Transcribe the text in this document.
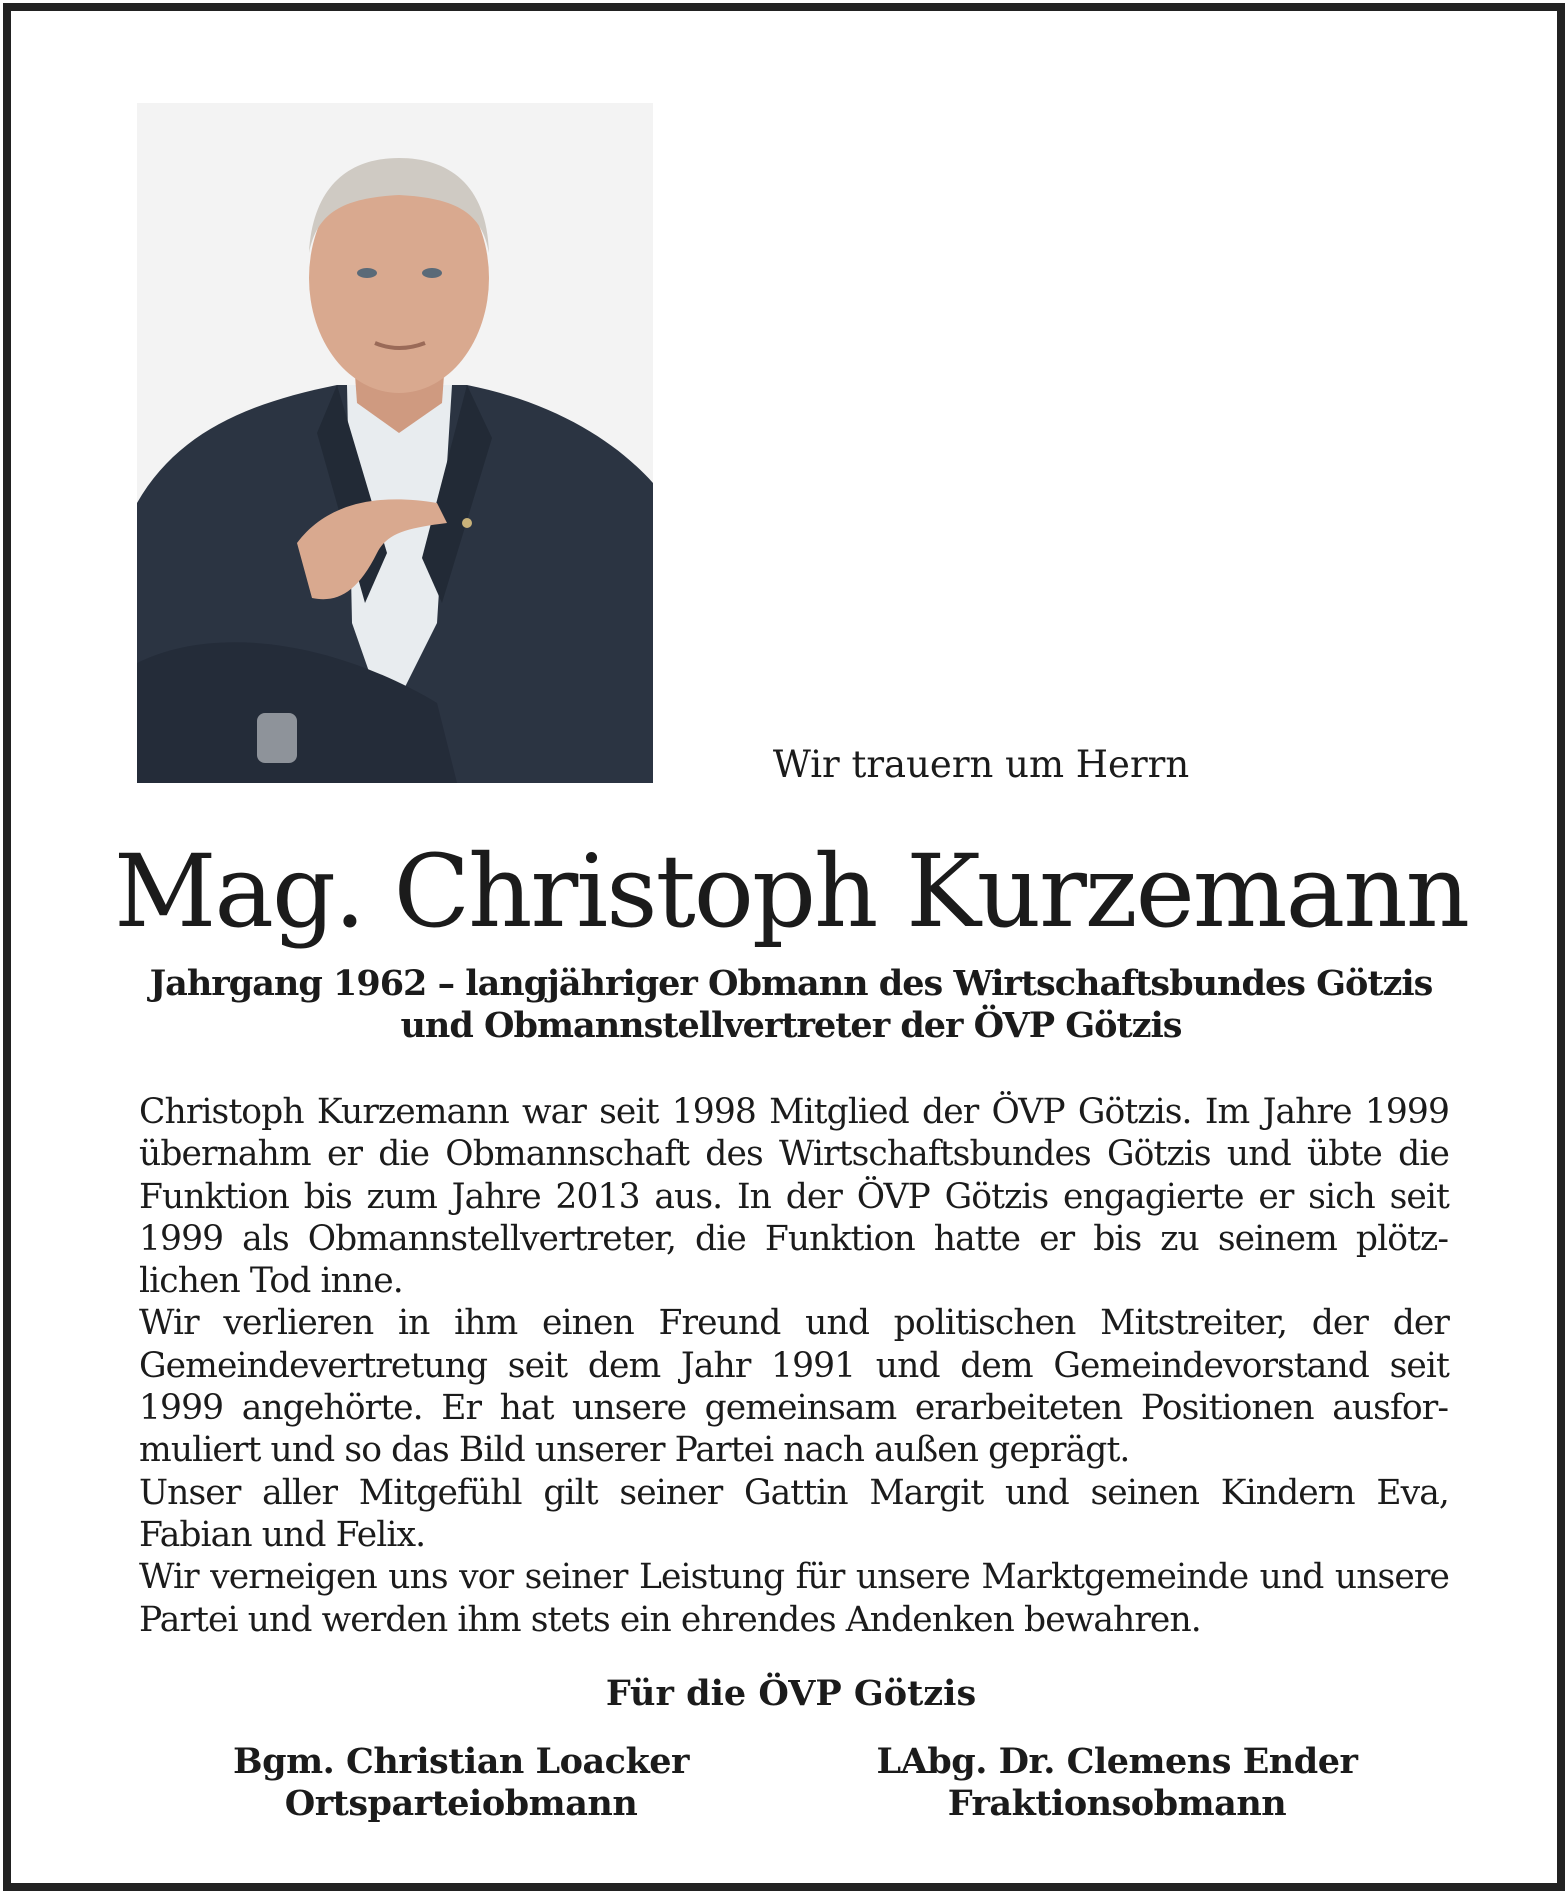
Wir trauern um Herrn
Mag. Christoph Kurzemann
Jahrgang 1962 – langjähriger Obmann des Wirtschaftsbundes Götzis
und Obmannstellvertreter der ÖVP Götzis

Christoph Kurzemann war seit 1998 Mitglied der ÖVP Götzis. Im Jahre 1999 übernahm er die Obmannschaft des Wirtschaftsbundes Götzis und übte die Funktion bis zum Jahre 2013 aus. In der ÖVP Götzis engagierte er sich seit 1999 als Obmannstellvertreter, die Funktion hatte er bis zu seinem plötzlichen Tod inne.

Wir verlieren in ihm einen Freund und politischen Mitstreiter, der der Gemeindevertretung seit dem Jahr 1991 und dem Gemeindevorstand seit 1999 angehörte. Er hat unsere gemeinsam erarbeiteten Positionen ausformuliert und so das Bild unserer Partei nach außen geprägt.

Unser aller Mitgefühl gilt seiner Gattin Margit und seinen Kindern Eva, Fabian und Felix.

Wir verneigen uns vor seiner Leistung für unsere Marktgemeinde und unsere Partei und werden ihm stets ein ehrendes Andenken bewahren.

Für die ÖVP Götzis
Bgm. Christian Loacker
Ortsparteiobmann
LAbg. Dr. Clemens Ender
Fraktionsobmann
